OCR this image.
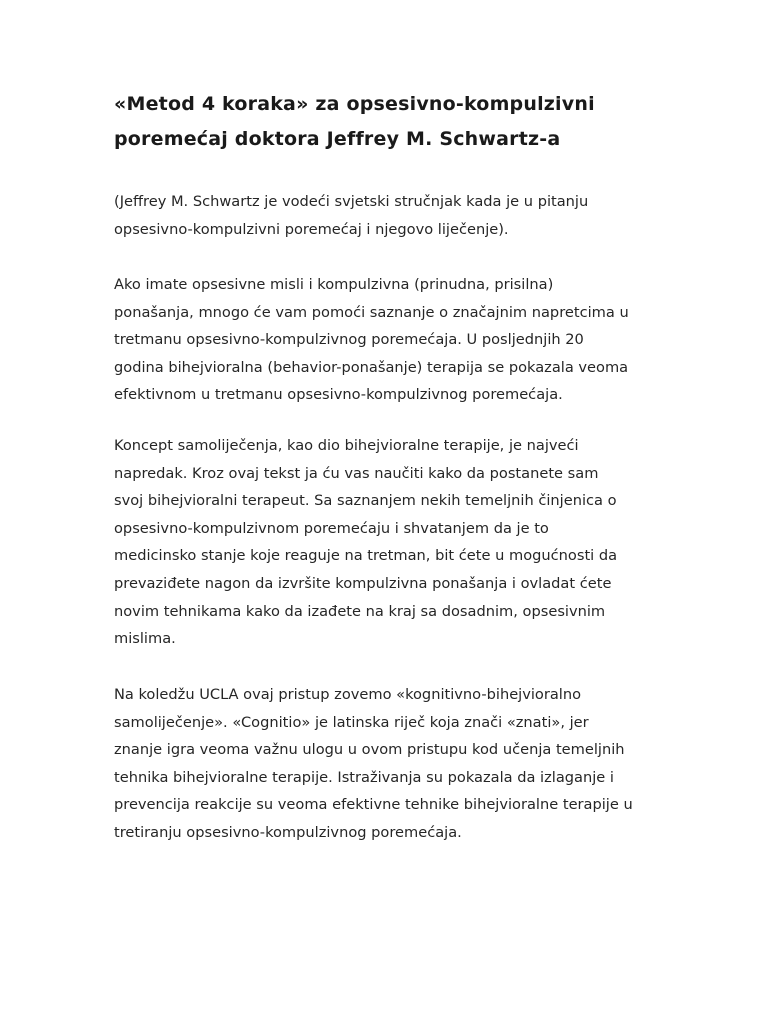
«Metod 4 koraka» za opsesivno-kompulzivni
poremećaj doktora Jeffrey M. Schwartz-a

(Jeffrey M. Schwartz je vodeći svjetski stručnjak kada je u pitanju
opsesivno-kompulzivni poremećaj i njegovo liječenje).

Ako imate opsesivne misli i kompulzivna (prinudna, prisilna)
ponašanja, mnogo će vam pomoći saznanje o značajnim napretcima u
tretmanu opsesivno-kompulzivnog poremećaja. U posljednjih 20
godina bihejvioralna (behavior-ponašanje) terapija se pokazala veoma
efektivnom u tretmanu opsesivno-kompulzivnog poremećaja.

Koncept samoliječenja, kao dio bihejvioralne terapije, je najveći
napredak. Kroz ovaj tekst ja ću vas naučiti kako da postanete sam
svoj bihejvioralni terapeut. Sa saznanjem nekih temeljnih činjenica o
opsesivno-kompulzivnom poremećaju i shvatanjem da je to
medicinsko stanje koje reaguje na tretman, bit ćete u mogućnosti da
prevaziđete nagon da izvršite kompulzivna ponašanja i ovladat ćete
novim tehnikama kako da izađete na kraj sa dosadnim, opsesivnim
mislima.

Na koledžu UCLA ovaj pristup zovemo «kognitivno-bihejvioralno
samoliječenje». «Cognitio» je latinska riječ koja znači «znati», jer
znanje igra veoma važnu ulogu u ovom pristupu kod učenja temeljnih
tehnika bihejvioralne terapije. Istraživanja su pokazala da izlaganje i
prevencija reakcije su veoma efektivne tehnike bihejvioralne terapije u
tretiranju opsesivno-kompulzivnog poremećaja.
